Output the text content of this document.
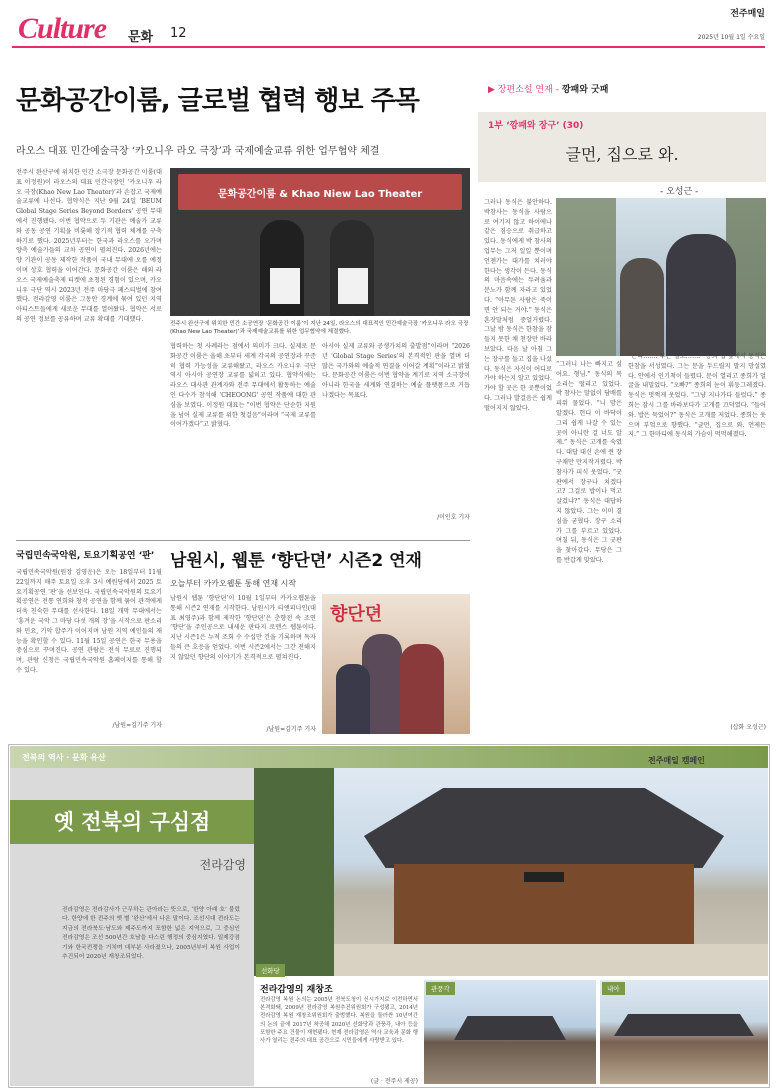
Culture 문화 12
전주매일
2025년 10월 1일 수요일
문화공간이룸, 글로벌 협력 행보 주목
라오스 대표 민간예술극장 ‘카오니우 라오 극장’과 국제예술교류 위한 업무협약 체결
전주시 완산구에 위치한 민간 소극장 문화공간 이룸(대표 이정원)이 라오스의 대표 민간극장인 ‘카오니우 라오 극장(Khao New Lao Theater)’과 손잡고 국제예술교류에 나선다. 협약식은 지난 9월 24일 ‘BEUM Global Stage Series Beyond Borders’ 공연 무대에서 진행됐다. 이번 협약으로 두 기관은 예술가 교류와 공동 공연 기획을 비롯해 장기적 협력 체계를 구축하기로 했다. 2025년부터는 한국과 라오스를 오가며 양측 예술가들의 교차 공연이 펼쳐진다. 2026년에는 양 기관이 공동 제작한 작품이 국내 무대에 오를 예정이며 상호 협력을 이어간다. 문화공간 이룸은 해외 라오스 국제예술축제 티켓에 초청된 경험이 있으며, 카오니우 극단 역시 2023년 전주 마당극 페스티벌에 참여했다. 전라감영 이룸은 그동안 경계에 묶여 있던 지역 아티스트들에게 새로운 무대를 열어왔다. 협약은 서로의 공연 정보를 공유하며 교류 확대를 기대했다.
문화공간이룸 & Khao Niew Lao Theater
전주시 완산구에 위치한 민간 소공연장 ‘문화공간 이룸’이 지난 24일, 라오스의 대표적인 민간예술극장 ‘카오니우 라오 극장(Khao New Lao Theater)’과 국제예술교류를 위한 업무협약에 체결했다.
협력하는 첫 사례라는 점에서 의미가 크다. 실제로 문화공간 이룸은 올해 초부터 세계 각국의 공연장과 꾸준히 협력 가능성을 교류해왔고, 라오스 카오니우 극단 역시 아시아 공연장 교류를 넓히고 있다. 협약식에는 라오스 대사관 관계자와 전주 무대에서 활동하는 예술인 다수가 참석해 ‘CHEOONG’ 공연 작품에 대한 관심을 보였다. 이정원 대표는 “이번 협약은 단순한 지원을 넘어 실제 교류를 위한 첫걸음”이라며 “국제 교류를 이어가겠다”고 밝혔다.
아시아 실제 교류와 공생가치의 출발점”이라며 “2026년 ‘Global Stage Series’의 본격적인 판을 열며 더 많은 국가와의 예술적 연결을 이어갈 계획”이라고 밝혔다. 문화공간 이룸은 이번 협약을 계기로 지역 소극장이 아니라 한국을 세계와 연결하는 예술 플랫폼으로 거듭나겠다는 목표다.
/이인호 기자
국립민속국악원, 토요기획공연 ‘판’
국립민속국악원(원장 김영운)은 오는 18일부터 11월 22일까지 매주 토요일 오후 3시 예원당에서 2025 토요기획공연 ‘판’을 선보인다. 국립민속국악원의 토요기획공연은 전통 연희와 창작 공연을 함께 묶어 관객에게 더욱 친숙한 무대를 선사한다. 18일 개막 무대에서는 ‘흥겨운 국악 그 마당 다섯 개의 장’을 시작으로 판소리와 민요, 기악 합주가 이어지며 남원 지역 예인들의 재능을 확인할 수 있다. 11월 15일 공연은 한국 무용을 중심으로 꾸며진다. 공연 관람은 전석 무료로 진행되며, 관람 신청은 국립민속국악원 홈페이지를 통해 할 수 있다.
/남원=김기주 기자
남원시, 웹툰 ‘향단뎐’ 시즌2 연재
오늘부터 카카오웹툰 통해 연재 시작
남원시 웹툰 ‘향단뎐’이 10월 1일부터 카카오웹툰을 통해 시즌2 연재를 시작한다. 남원시가 티앤피나인(대표 최영주)과 함께 제작한 ‘향단뎐’은 춘향전 속 조연 ‘향단’을 주인공으로 내세운 판타지 로맨스 웹툰이다. 지난 시즌1은 누적 조회 수 수십만 건을 기록하며 독자들의 큰 호응을 얻었다. 이번 시즌2에서는 그간 전해지지 않았던 향단의 이야기가 본격적으로 펼쳐진다.
향단뎐
/남원=김기주 기자
▶ 장편소설 연재 - 깡패와 굿패
1부 ‘깡패와 장구’ (30)
글먼, 집으로 와.
- 오성근 -
그러나 동식은 불안하다. 박참사는 동식을 사람으로 여기지 않고 하이에나 같은 짐승으로 취급하고 있다. 동식에게 박 참사의 업무는 그저 일일 뿐이며 언젠가는 대가를 치러야 한다는 생각이 든다. 동식의 마음속에는 두려움과 분노가 함께 자라고 있었다. “아무튼 사람은 죽이면 안 되는 거야.” 동식은 혼잣말처럼 중얼거렸다. 그날 밤 동식은 한참을 잠들지 못한 채 천장만 바라보았다. 다음 날 아침 그는 장구를 들고 집을 나섰다. 동식은 자신이 어디로 가야 하는지 알고 있었다. 가야 할 곳은 한 곳뿐이었다. 그러나 발걸음은 쉽게 떨어지지 않았다.
“그러니 나는 빠지고 싶어요. 형님.” 동식의 목소리는 떨리고 있었다. 박 참사는 말없이 담배를 피워 물었다. “니 맘은 알겠다. 헌디 이 바닥이 그리 쉽게 나갈 수 있는 곳이 아니란 걸 너도 알제.” 동식은 고개를 숙였다. 대답 대신 손에 쥔 장구채만 만지작거렸다. 박 참사가 피식 웃었다. “굿판에서 장구나 치겠다고? 그걸로 밥이나 먹고 살겄냐?” 동식은 대답하지 않았다. 그는 이미 결심을 굳혔다. 장구 소리가 그를 부르고 있었다. 며칠 뒤, 동식은 그 굿판을 찾아갔다. 무당은 그를 반갑게 맞았다.
“근디……. 무슨 일로…….” 종희 집 앞에서 동식은 한참을 서성였다. 그는 문을 두드릴지 말지 망설였다. 안에서 인기척이 들렸다. 문이 열리고 종희가 얼굴을 내밀었다. “오빠?” 종희의 눈이 휘둥그레졌다. 동식은 멋쩍게 웃었다. “그냥 지나가다 들렀다.” 종희는 잠시 그를 바라보다가 고개를 끄덕였다. “들어와. 밥은 묵었어?” 동식은 고개를 저었다. 종희는 웃으며 부엌으로 향했다. “글먼, 집으로 와. 언제든지.” 그 한마디에 동식의 가슴이 먹먹해졌다.
(삽화 오성근)
전북의 역사 · 문화 유산	전주매일 캠페인
옛 전북의 구심점
전라감영
전라감영은 전라감사가 근무하는 관아라는 뜻으로, ‘한양 아래 호’ 불렀다. 한양에 한 전주의 옛 별 ‘완산’에서 나온 말이다. 조선시대 전라도는 지금의 전라북도·남도와 제주도까지 포함한 넓은 지역으로, 그 중심인 전라감영은 조선 500년간 호남을 다스린 행정의 중심지였다. 일제강점기와 한국전쟁을 거치며 대부분 사라졌으나, 2005년부터 복원 사업이 추진되어 2020년 재창조되었다.
선화당
전라감영의 재창조
전라감영 복원 논의는 2005년 전북도청이 신시가지로 이전하면서 본격화돼, 2009년 전라감영 복원추진위원회가 구성됐고, 2014년 전라감영 복원 재창조위원회가 출범했다. 복원을 둘러싼 10년여간의 논의 끝에 2017년 착공해 2020년 선화당과 관풍각, 내아 등을 포함한 주요 건물이 재현됐다. 현재 전라감영은 역사 교육과 문화 행사가 열리는 전주의 대표 공간으로 시민들에게 사랑받고 있다.
(글 · 전주시 제공)
관풍각	내아
